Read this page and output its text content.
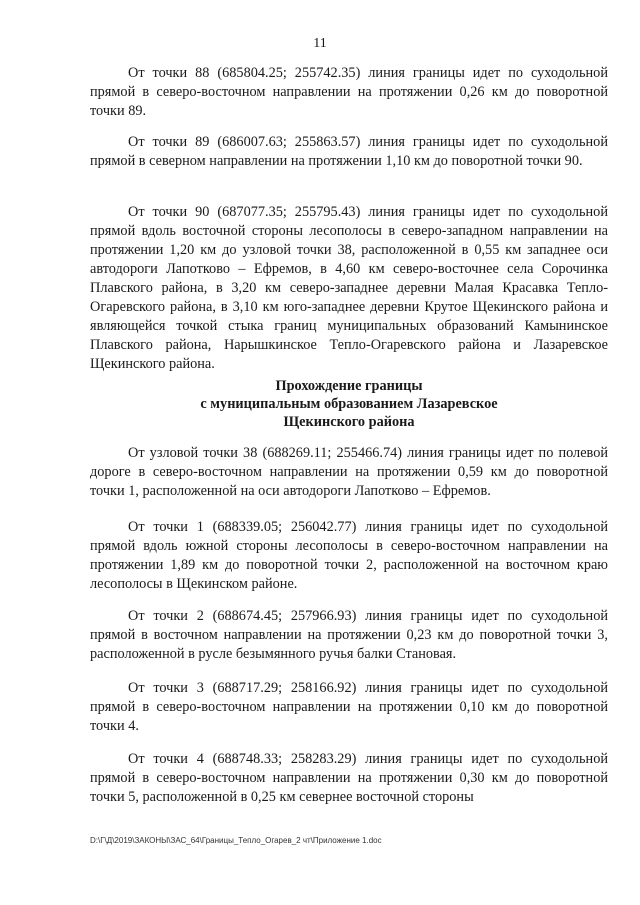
11

От точки 88 (685804.25; 255742.35) линия границы идет по суходольной прямой в северо-восточном направлении на протяжении 0,26 км до поворотной точки 89.

От точки 89 (686007.63; 255863.57) линия границы идет по суходольной прямой в северном направлении на протяжении 1,10 км до поворотной точки 90.

От точки 90 (687077.35; 255795.43) линия границы идет по суходольной прямой вдоль восточной стороны лесополосы в северо-западном направлении на протяжении 1,20 км до узловой точки 38, расположенной в 0,55 км западнее оси автодороги Лапотково – Ефремов, в 4,60 км северо-восточнее села Сорочинка Плавского района, в 3,20 км северо-западнее деревни Малая Красавка Тепло-Огаревского района, в 3,10 км юго-западнее деревни Крутое Щекинского района и являющейся точкой стыка границ муниципальных образований Камынинское Плавского района, Нарышкинское Тепло-Огаревского района и Лазаревское Щекинского района.

Прохождение границы
с муниципальным образованием Лазаревское
Щекинского района

От узловой точки 38 (688269.11; 255466.74) линия границы идет по полевой дороге в северо-восточном направлении на протяжении 0,59 км до поворотной точки 1, расположенной на оси автодороги Лапотково – Ефремов.

От точки 1 (688339.05; 256042.77) линия границы идет по суходольной прямой вдоль южной стороны лесополосы в северо-восточном направлении на протяжении 1,89 км до поворотной точки 2, расположенной на восточном краю лесополосы в Щекинском районе.

От точки 2 (688674.45; 257966.93) линия границы идет по суходольной прямой в восточном направлении на протяжении 0,23 км до поворотной точки 3, расположенной в русле безымянного ручья балки Становая.

От точки 3 (688717.29; 258166.92) линия границы идет по суходольной прямой в северо-восточном направлении на протяжении 0,10 км до поворотной точки 4.

От точки 4 (688748.33; 258283.29) линия границы идет по суходольной прямой в северо-восточном направлении на протяжении 0,30 км до поворотной точки 5, расположенной в 0,25 км севернее восточной стороны

D:\Г\Д\2019\ЗАКОНЫ\ЗАС_64\Границы_Тепло_Огарев_2 чт\Приложение 1.doc
